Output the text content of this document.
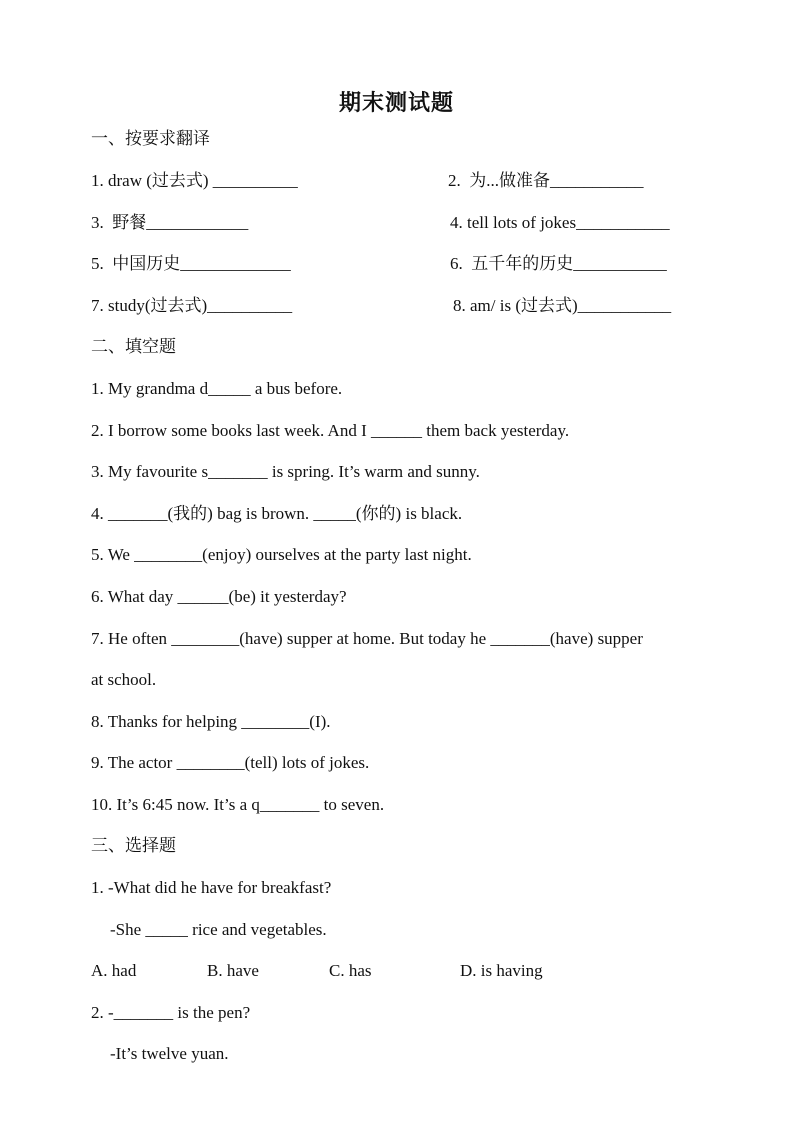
期末测试题
一、按要求翻译
1. draw (过去式) __________	2.  为...做准备___________
3.  野餐____________	4. tell lots of jokes___________
5.  中国历史_____________	6.  五千年的历史___________
7. study(过去式)__________	8. am/ is (过去式)___________
二、填空题
1. My grandma d_____ a bus before.
2. I borrow some books last week. And I ______ them back yesterday.
3. My favourite s_______ is spring. It’s warm and sunny.
4. _______(我的) bag is brown. _____(你的) is black.
5. We ________(enjoy) ourselves at the party last night.
6. What day ______(be) it yesterday?
7. He often ________(have) supper at home. But today he _______(have) supper
at school.
8. Thanks for helping ________(I).
9. The actor ________(tell) lots of jokes.
10. It’s 6:45 now. It’s a q_______ to seven.
三、选择题
1. -What did he have for breakfast?
-She _____ rice and vegetables.
A. had	B. have	C. has	D. is having
2. -_______ is the pen?
-It’s twelve yuan.
